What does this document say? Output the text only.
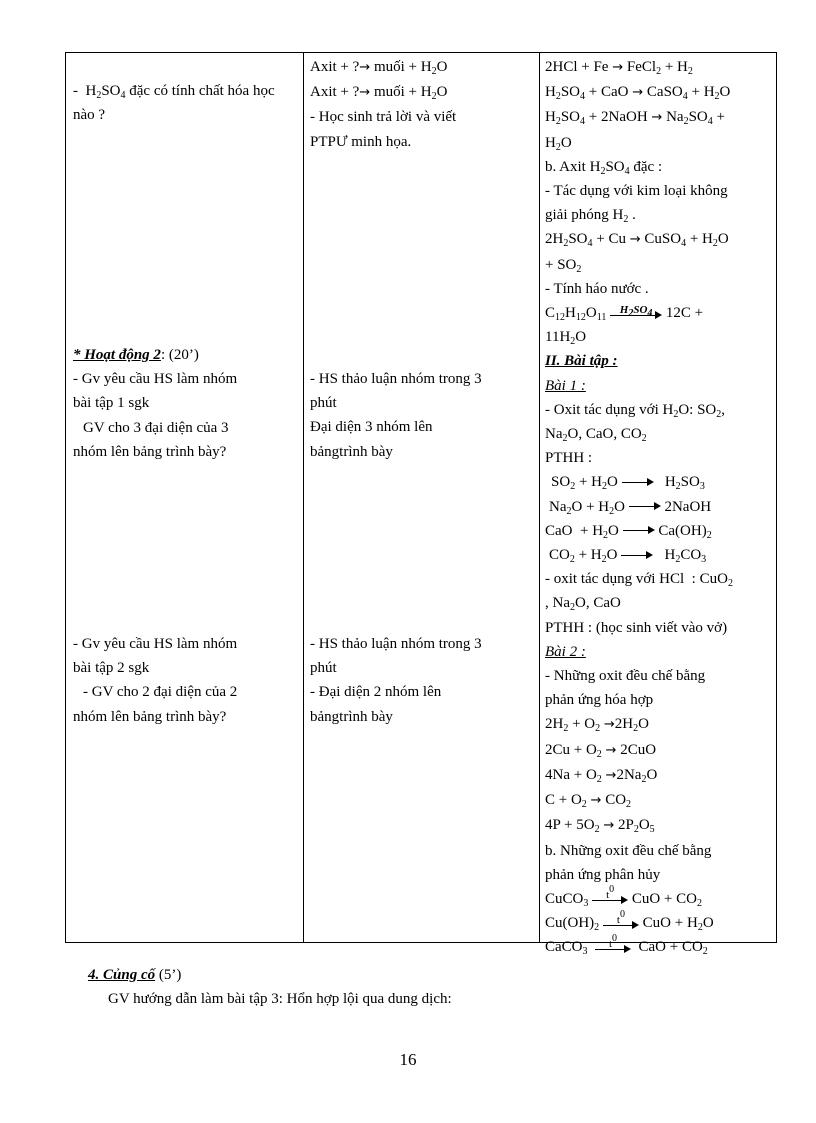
-  $H_2SO_4$ đặc có tính chất hóa học nào ?
* Hoạt động 2: (20’)
- Gv yêu cầu HS làm nhóm
bài tập 1 sgk
GV cho 3 đại diện của 3
nhóm lên bảng trình bày?
- Gv yêu cầu HS làm nhóm
bài tập 2 sgk
- GV cho 2 đại diện của 2
nhóm lên bảng trình bày?
Axit + ?→ muối + $H_2O$
Axit + ?→ muối + $H_2O$
- Học sinh trả lời và viết
PTPƯ minh họa.
- HS thảo luận nhóm trong 3
phút
Đại diện 3 nhóm lên
bảngtrình bày
- HS thảo luận nhóm trong 3
phút
- Đại diện 2 nhóm lên
bảngtrình bày
2HCl + Fe → FeCl$_2$ + $H_2$
$H_2SO_4$ + CaO → CaSO$_4$ + $H_2O$
$H_2SO_4$ + 2NaOH → $Na_2SO_4$ +
$H_2O$
b. Axit $H_2SO_4$ đặc :
- Tác dụng với kim loại không
giải phóng $H_2$ .
$2H_2SO_4 + Cu$ → CuSO$_4$ + $H_2O$
+ $SO_2$
- Tính háo nước .
$C_{12}H_{12}O_{11}$
$H_2SO_4$ 12C +
$11H_2O$
II. Bài tập :
Bài 1 :
- Oxit tác dụng với $H_2O$: $SO_2$,
$Na_2O$, CaO, $CO_2$
PTHH :
$SO_2 + H_2O$
$H_2SO_3$
$Na_2O + H_2O$
2NaOH
CaO  + $H_2O$
$Ca(OH)_2$
$CO_2 + H_2O$
$H_2CO_3$
- oxit tác dụng với HCl  : CuO$_2$
, $Na_2O$, CaO
PTHH : (học sinh viết vào vở)
Bài 2 :
- Những oxit đều chế bằng
phản ứng hóa hợp
$2H_2 + O_2 \to 2H_2O$
$2Cu + O_2 \to 2CuO$
$4Na + O_2 \to 2Na_2O$
$C + O_2 \to CO_2$
$4P + 5O_2 \to 2P_2O_5$
b. Những oxit đều chế bằng
phản ứng phân hủy
CuCO$_3$
$t^0$
CuO + $CO_2$
$Cu(OH)_2$
$t^0$
CuO + $H_2O$
CaCO$_3$
$t^0$
CaO + $CO_2$
4. Củng cố (5’)
GV hướng dẫn làm bài tập 3: Hổn hợp lội qua dung dịch:
16
